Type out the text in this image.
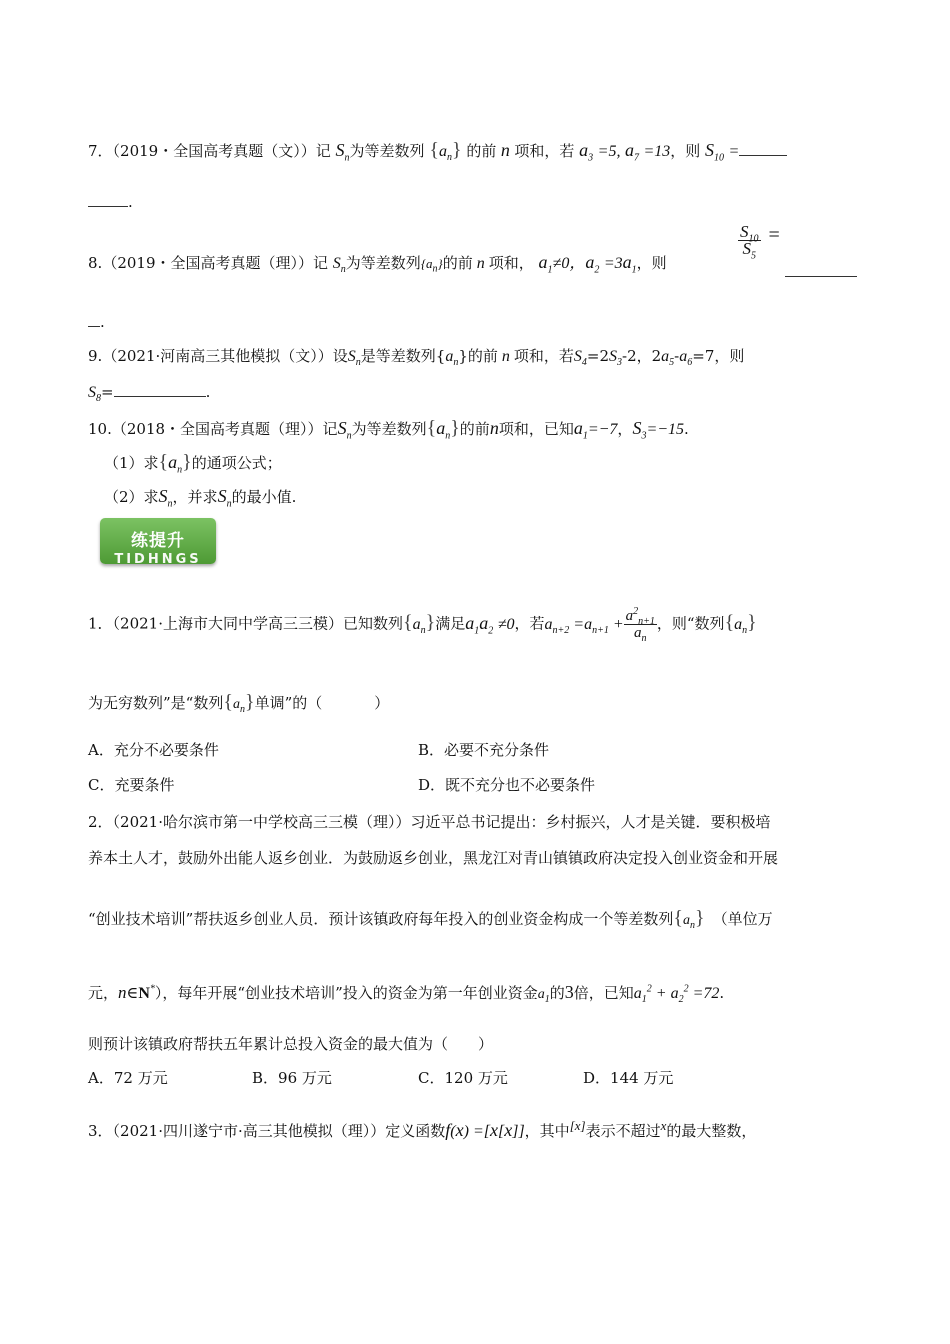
7．（2019・全国高考真题（文））记 $S_n$为等差数列 $\{a_n\}$ 的前 n 项和，若 $a_3 =5$, $a_7 =13$，则 $S_{10}$ =
.
8.（2019・全国高考真题（理））记 $S_n$为等差数列$\{a_n\}$的前 n 项和， $a_1\ne 0$，$a_2 =3a_1$，则
$\frac{S_{10}}{S_5}$ =
.
9.（2021·河南高三其他模拟（文））设$S_n$是等差数列$\{a_n\}$的前 n 项和，若$S_4=2S_3-2$，$2a_5-a_6=7$，则
$S_8=$	.
10.（2018・全国高考真题（理））记$S_n$为等差数列$\{a_n\}$的前n项和，已知$a_1=-7$，$S_3=-15$.
（1）求$\{a_n\}$的通项公式；
（2）求$S_n$，并求$S_n$的最小值.
练提升
TIDHNGS
1．（2021·上海市大同中学高三三模）已知数列$\{a_n\}$满足$a_1a_2 \ne 0$，若$a_{n+2} =a_{n+1} + \frac{a^2_{n+1}}{a_n}$ ，则“数列$\{a_n\}$
为无穷数列”是“数列$\{a_n\}$单调”的（	）
A．充分不必要条件	B．必要不充分条件
C．充要条件	D．既不充分也不必要条件
2．（2021·哈尔滨市第一中学校高三三模（理））习近平总书记提出：乡村振兴，人才是关键．要积极培
养本土人才，鼓励外出能人返乡创业．为鼓励返乡创业，黑龙江对青山镇镇政府决定投入创业资金和开展
“创业技术培训”帮扶返乡创业人员．预计该镇政府每年投入的创业资金构成一个等差数列$\{a_n\}$ （单位万
元，n∈N*），每年开展“创业技术培训”投入的资金为第一年创业资金$a_1$的3倍，已知$a_1^2 + a_2^2 =72$.
则预计该镇政府帮扶五年累计总投入资金的最大值为（ ）
A．72 万元	B．96 万元	C．120 万元	D．144 万元
3．（2021·四川遂宁市·高三其他模拟（理））定义函数f(x) =[x[x]]，其中[x]表示不超过x的最大整数，
